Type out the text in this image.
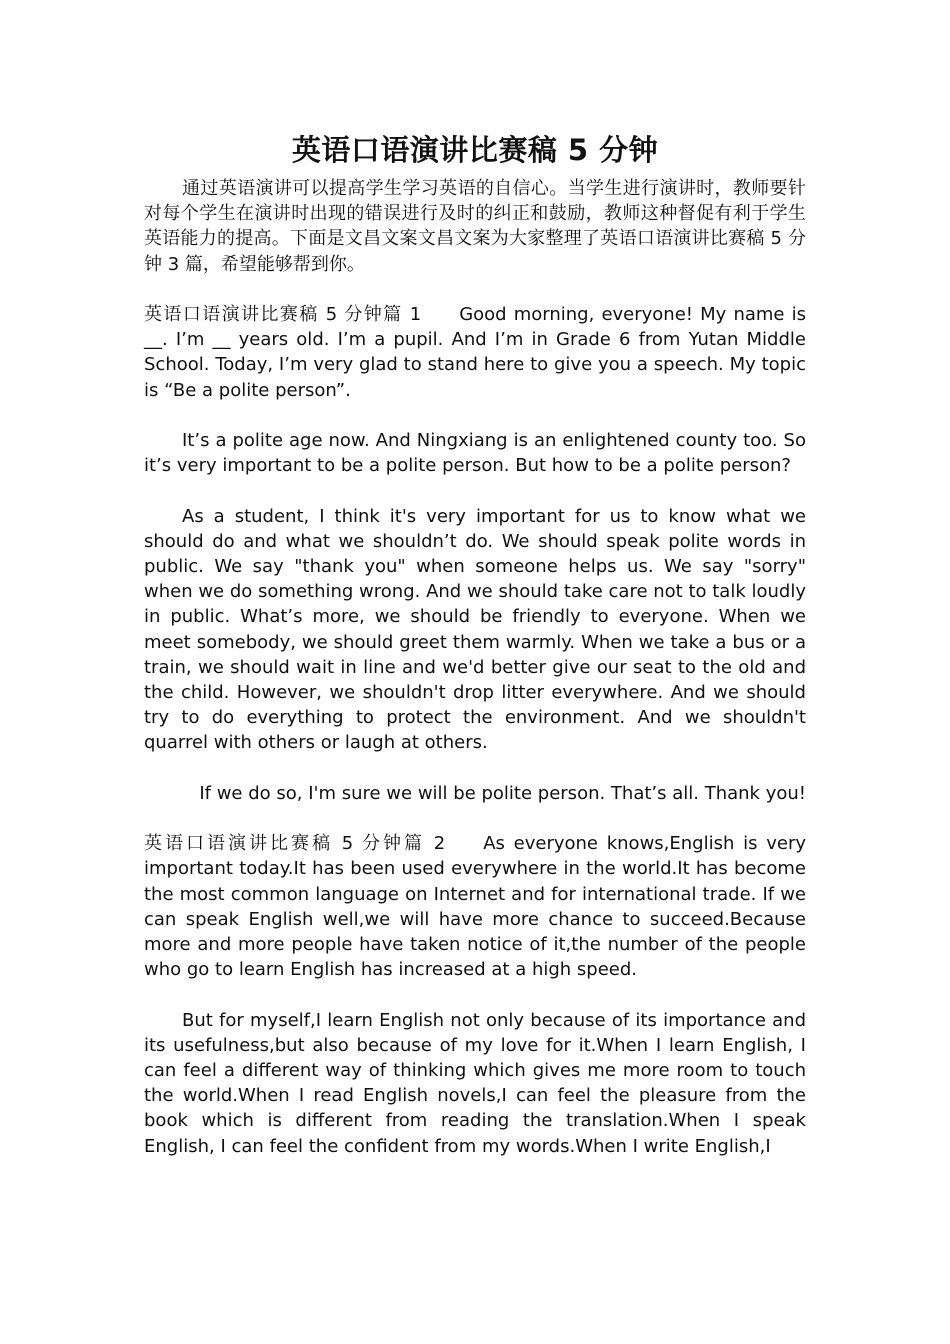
英语口语演讲比赛稿 5 分钟

通过英语演讲可以提高学生学习英语的自信心。当学生进行演讲时，教师要针对每个学生在演讲时出现的错误进行及时的纠正和鼓励，教师这种督促有利于学生英语能力的提高。下面是文昌文案文昌文案为大家整理了英语口语演讲比赛稿 5 分钟 3 篇，希望能够帮到你。

英语口语演讲比赛稿 5 分钟篇 1 Good morning, everyone! My name is __. I’m __ years old. I’m a pupil. And I’m in Grade 6 from Yutan Middle School. Today, I’m very glad to stand here to give you a speech. My topic is “Be a polite person”.

It’s a polite age now. And Ningxiang is an enlightened county too. So it’s very important to be a polite person. But how to be a polite person?

As a student, I think it's very important for us to know what we should do and what we shouldn’t do. We should speak polite words in public. We say "thank you" when someone helps us. We say "sorry" when we do something wrong. And we should take care not to talk loudly in public. What’s more, we should be friendly to everyone. When we meet somebody, we should greet them warmly. When we take a bus or a train, we should wait in line and we'd better give our seat to the old and the child. However, we shouldn't drop litter everywhere. And we should try to do everything to protect the environment. And we shouldn't quarrel with others or laugh at others.

If we do so, I'm sure we will be polite person. That’s all. Thank you!

英语口语演讲比赛稿 5 分钟篇 2 As everyone knows,English is very important today.It has been used everywhere in the world.It has become the most common language on Internet and for international trade. If we can speak English well,we will have more chance to succeed.Because more and more people have taken notice of it,the number of the people who go to learn English has increased at a high speed.

But for myself,I learn English not only because of its importance and its usefulness,but also because of my love for it.When I learn English, I can feel a different way of thinking which gives me more room to touch the world.When I read English novels,I can feel the pleasure from the book which is different from reading the translation.When I speak English, I can feel the confident from my words.When I write English,I
